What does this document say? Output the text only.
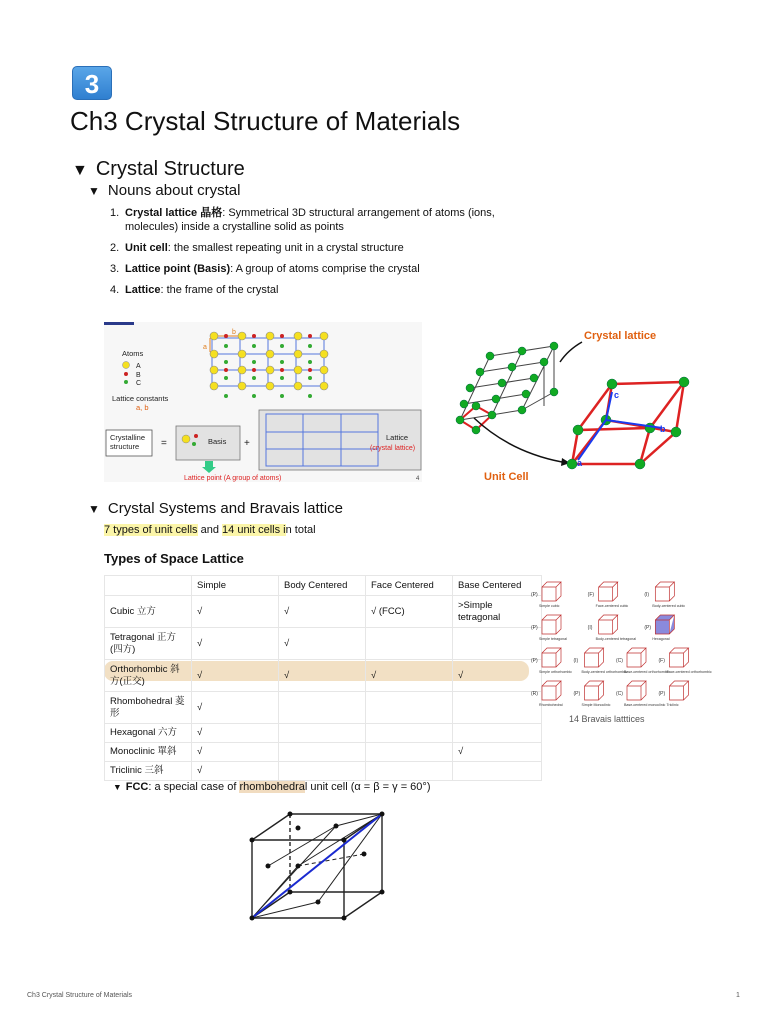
3
Ch3 Crystal Structure of Materials
▼ Crystal Structure
▼ Nouns about crystal
1. Crystal lattice 晶格: Symmetrical 3D structural arrangement of atoms (ions, molecules) inside a crystalline solid as points
2. Unit cell: the smallest repeating unit in a crystal structure
3. Lattice point (Basis): A group of atoms comprise the crystal
4. Lattice: the frame of the crystal
b
a
Atoms
A
B
C
Lattice constants
a, b
Crystalline
structure =	Basis +
Lattice
(crystal lattice)
Lattice point (A group of atoms)	4
Crystal lattice
c
b
a
Unit Cell
▼ Crystal Systems and Bravais lattice
7 types of unit cells and 14 unit cells in total
Types of Space Lattice
	Simple	Body Centered	Face Centered	Base Centered
Cubic 立方	√	√	√ (FCC)	>Simple tetragonal
Tetragonal 正方 (四方)	√	√		
Orthorhombic 斜方(正交)	√	√	√	√
Rhombohedral 菱形	√			
Hexagonal 六方	√			
Monoclinic 單斜	√			√
Triclinic 三斜	√			
(P)
Simple cubic
(F)
Face-centered cubic
(I)
Body-centered cubic
(P)
Simple tetragonal
(I)
Body-centered tetragonal
(P)
Hexagonal
(P)
Simple orthorhombic
(I)
Body-centered orthorhombic
(C)
Base-centered orthorhombic
(F)
Face-centered orthorhombic
(R)
Rhombohedral
(P)
Simple Monoclinic
(C)
Base-centered monoclinic
(P)
Triclinic
14 Bravais latttices
▼ FCC: a special case of rhombohedral unit cell (α = β = γ = 60°)
Ch3 Crystal Structure of Materials	1
